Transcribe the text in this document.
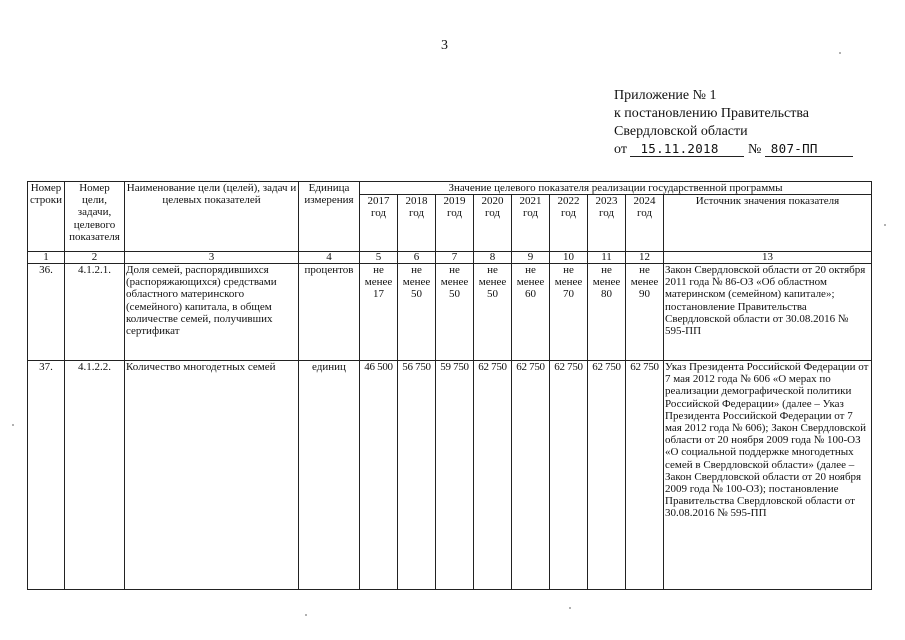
3
Приложение № 1
к постановлению Правительства
Свердловской области
от 15.11.2018 № 807-ПП
Номер строки	Номер цели, задачи, целевого показателя	Наименование цели (целей), задач и целевых показателей	Единица измерения	Значение целевого показателя реализации государственной программы								
				2017 год	2018 год	2019 год	2020 год	2021 год	2022 год	2023 год	2024 год	Источник значения показателя
1	2	3	4	5	6	7	8	9	10	11	12	13
36.	4.1.2.1.	Доля семей, распорядившихся (распоряжающихся) средствами областного материнского (семейного) капитала, в общем количестве семей, получивших сертификат	процентов	не менее 17	не менее 50	не менее 50	не менее 50	не менее 60	не менее 70	не менее 80	не менее 90	Закон Свердловской области от 20 октября 2011 года № 86-ОЗ «Об областном материнском (семейном) капитале»; постановление Правительства Свердловской области от 30.08.2016 № 595-ПП
37.	4.1.2.2.	Количество многодетных семей	единиц	46 500	56 750	59 750	62 750	62 750	62 750	62 750	62 750	Указ Президента Российской Федерации от 7 мая 2012 года № 606 «О мерах по реализации демографической политики Российской Федерации» (далее – Указ Президента Российской Федерации от 7 мая 2012 года № 606); Закон Свердловской области от 20 ноября 2009 года № 100-ОЗ «О социальной поддержке многодетных семей в Свердловской области» (далее – Закон Свердловской области от 20 ноября 2009 года № 100-ОЗ); постановление Правительства Свердловской области от 30.08.2016 № 595-ПП
